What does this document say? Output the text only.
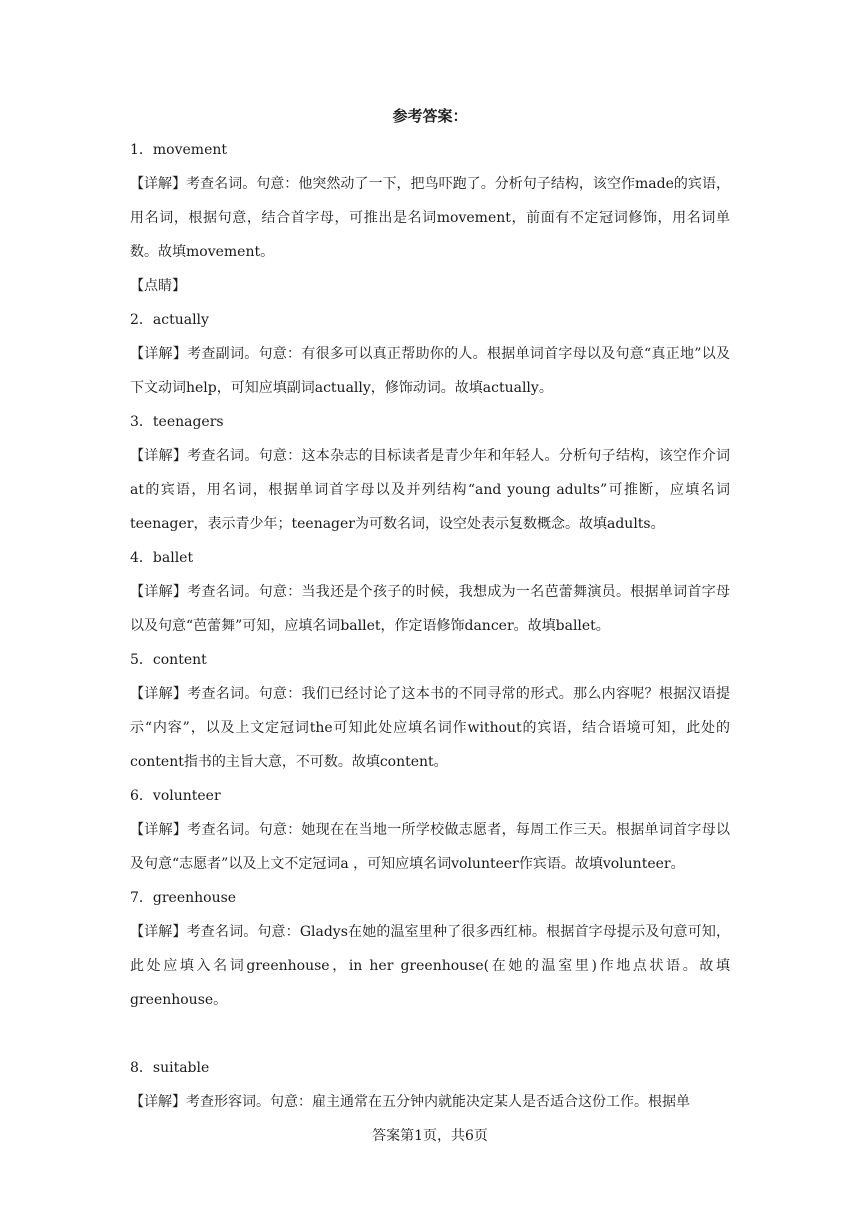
参考答案：
1．movement
【详解】考查名词。句意：他突然动了一下，把鸟吓跑了。分析句子结构，该空作made的宾语，用名词，根据句意，结合首字母，可推出是名词movement，前面有不定冠词修饰，用名词单数。故填movement。
【点睛】
2．actually
【详解】考查副词。句意：有很多可以真正帮助你的人。根据单词首字母以及句意“真正地”以及下文动词help，可知应填副词actually，修饰动词。故填actually。
3．teenagers
【详解】考查名词。句意：这本杂志的目标读者是青少年和年轻人。分析句子结构，该空作介词at的宾语，用名词，根据单词首字母以及并列结构“and young adults”可推断，应填名词teenager，表示青少年；teenager为可数名词，设空处表示复数概念。故填adults。
4．ballet
【详解】考查名词。句意：当我还是个孩子的时候，我想成为一名芭蕾舞演员。根据单词首字母以及句意“芭蕾舞”可知，应填名词ballet，作定语修饰dancer。故填ballet。
5．content
【详解】考查名词。句意：我们已经讨论了这本书的不同寻常的形式。那么内容呢？根据汉语提示“内容”，以及上文定冠词the可知此处应填名词作without的宾语，结合语境可知，此处的content指书的主旨大意，不可数。故填content。
6．volunteer
【详解】考查名词。句意：她现在在当地一所学校做志愿者，每周工作三天。根据单词首字母以及句意“志愿者”以及上文不定冠词a ，可知应填名词volunteer作宾语。故填volunteer。
7．greenhouse
【详解】考查名词。句意：Gladys在她的温室里种了很多西红柿。根据首字母提示及句意可知，此处应填入名词greenhouse，in her greenhouse(在她的温室里)作地点状语。故填greenhouse。
8．suitable
【详解】考查形容词。句意：雇主通常在五分钟内就能决定某人是否适合这份工作。根据单
答案第1页，共6页
